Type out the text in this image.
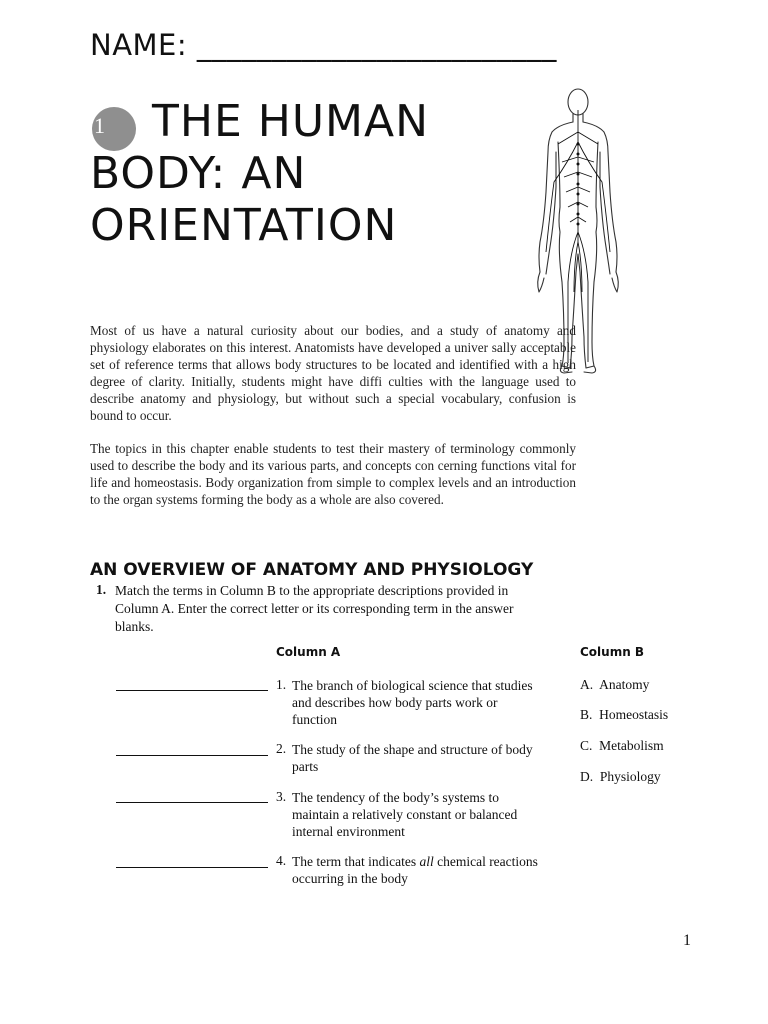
NAME: ________________________
1	THE HUMAN
BODY: AN
ORIENTATION

Most of us have a natural curiosity about our bodies, and a study of anatomy and physiology elaborates on this interest. Anatomists have developed a univer sally acceptable set of reference terms that allows body structures to be located and identified with a high degree of clarity. Initially, students might have diffi culties with the language used to describe anatomy and physiology, but without such a special vocabulary, confusion is bound to occur.

The topics in this chapter enable students to test their mastery of terminology commonly used to describe the body and its various parts, and concepts con cerning functions vital for life and homeostasis. Body organization from simple to complex levels and an introduction to the organ systems forming the body as a whole are also covered.

AN OVERVIEW OF ANATOMY AND PHYSIOLOGY
1. Match the terms in Column B to the appropriate descriptions provided in Column A. Enter the correct letter or its corresponding term in the answer blanks.
Column A	Column B
1. The branch of biological science that studies and describes how body parts work or function
2. The study of the shape and structure of body parts
3. The tendency of the body’s systems to maintain a relatively constant or balanced internal environment
4. The term that indicates all chemical reactions occurring in the body
A. Anatomy
B. Homeostasis
C. Metabolism
D. Physiology
1
